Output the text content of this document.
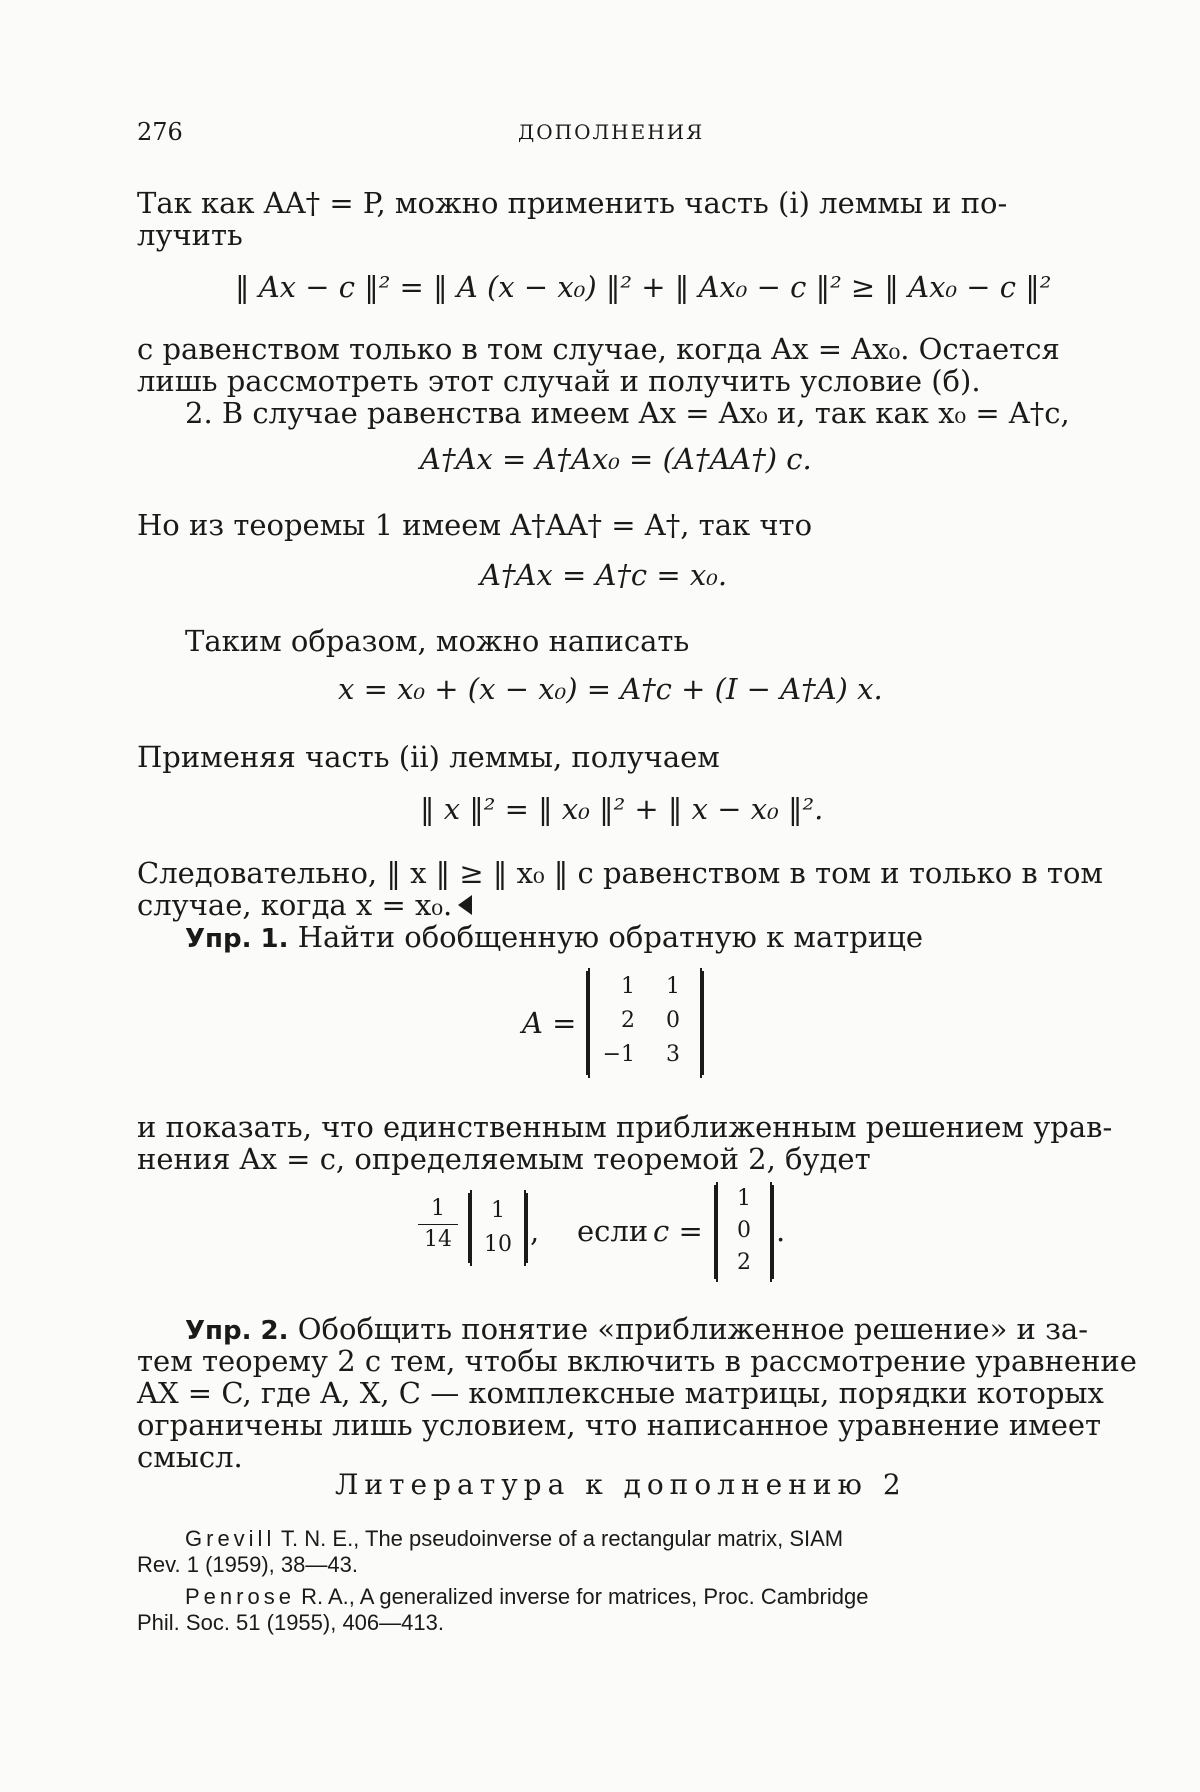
276	ДОПОЛНЕНИЯ
Так как AA† = P, можно применить часть (i) леммы и по-
лучить
‖ Ax − c ‖² = ‖ A (x − x₀) ‖² + ‖ Ax₀ − c ‖² ≥ ‖ Ax₀ − c ‖²
с равенством только в том случае, когда Ax = Ax₀. Остается
лишь рассмотреть этот случай и получить условие (б).
2. В случае равенства имеем Ax = Ax₀ и, так как x₀ = A†c,
A†Ax = A†Ax₀ = (A†AA†) c.
Но из теоремы 1 имеем A†AA† = A†, так что
A†Ax = A†c = x₀.
Таким образом, можно написать
x = x₀ + (x − x₀) = A†c + (I − A†A) x.
Применяя часть (ii) леммы, получаем
‖ x ‖² = ‖ x₀ ‖² + ‖ x − x₀ ‖².
Следовательно, ‖ x ‖ ≥ ‖ x₀ ‖ с равенством в том и только в том
случае, когда x = x₀.
Упр. 1. Найти обобщенную обратную к матрице
A =
1	1
2	0
−1	3
и показать, что единственным приближенным решением урав-
нения Ax = c, определяемым теоремой 2, будет
1
14
1
10 , если c =
1
0
2
.
Упр. 2. Обобщить понятие «приближенное решение» и за-
тем теорему 2 с тем, чтобы включить в рассмотрение уравнение
AX = C, где A, X, C — комплексные матрицы, порядки которых
ограничены лишь условием, что написанное уравнение имеет
смысл.
Литература к дополнению 2
Grevill T. N. E., The pseudoinverse of a rectangular matrix, SIAM
Rev. 1 (1959), 38—43.
Penrose R. A., A generalized inverse for matrices, Proc. Cambridge
Phil. Soc. 51 (1955), 406—413.
